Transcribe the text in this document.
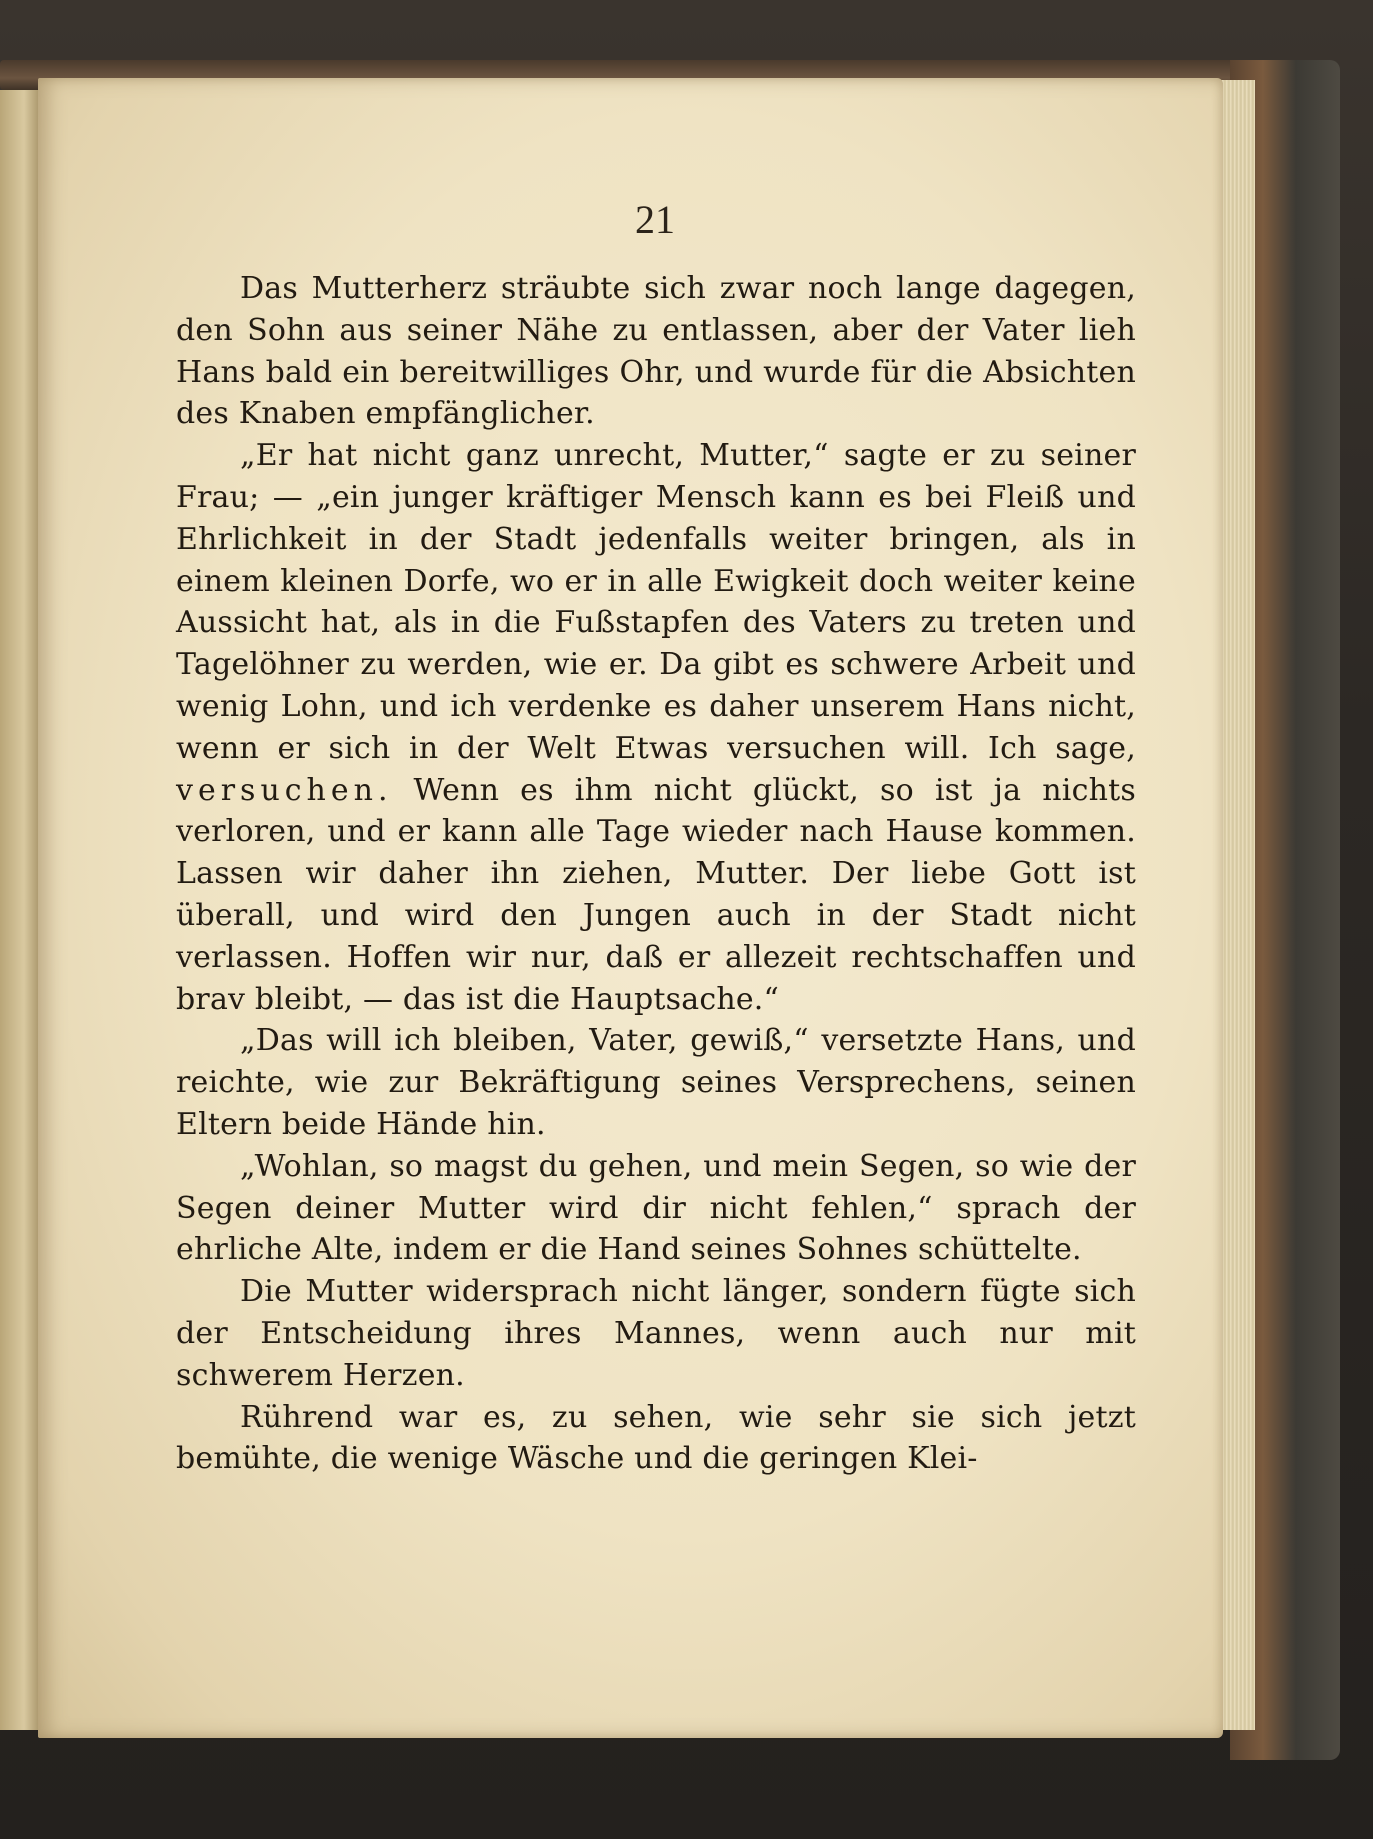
21

Das Mutterherz sträubte sich zwar noch lange dagegen, den Sohn aus seiner Nähe zu entlassen, aber der Vater lieh Hans bald ein bereitwilliges Ohr, und wurde für die Absichten des Knaben empfänglicher.

„Er hat nicht ganz unrecht, Mutter,“ sagte er zu seiner Frau; — „ein junger kräftiger Mensch kann es bei Fleiß und Ehrlichkeit in der Stadt jedenfalls weiter bringen, als in einem kleinen Dorfe, wo er in alle Ewigkeit doch weiter keine Aussicht hat, als in die Fußstapfen des Vaters zu treten und Tagelöhner zu werden, wie er. Da gibt es schwere Arbeit und wenig Lohn, und ich verdenke es daher unserem Hans nicht, wenn er sich in der Welt Etwas versuchen will. Ich sage, versuchen. Wenn es ihm nicht glückt, so ist ja nichts verloren, und er kann alle Tage wieder nach Hause kommen. Lassen wir daher ihn ziehen, Mutter. Der liebe Gott ist überall, und wird den Jungen auch in der Stadt nicht verlassen. Hoffen wir nur, daß er allezeit rechtschaffen und brav bleibt, — das ist die Hauptsache.“

„Das will ich bleiben, Vater, gewiß,“ versetzte Hans, und reichte, wie zur Bekräftigung seines Versprechens, seinen Eltern beide Hände hin.

„Wohlan, so magst du gehen, und mein Segen, so wie der Segen deiner Mutter wird dir nicht fehlen,“ sprach der ehrliche Alte, indem er die Hand seines Sohnes schüttelte.

Die Mutter widersprach nicht länger, sondern fügte sich der Entscheidung ihres Mannes, wenn auch nur mit schwerem Herzen.

Rührend war es, zu sehen, wie sehr sie sich jetzt bemühte, die wenige Wäsche und die geringen Klei-
